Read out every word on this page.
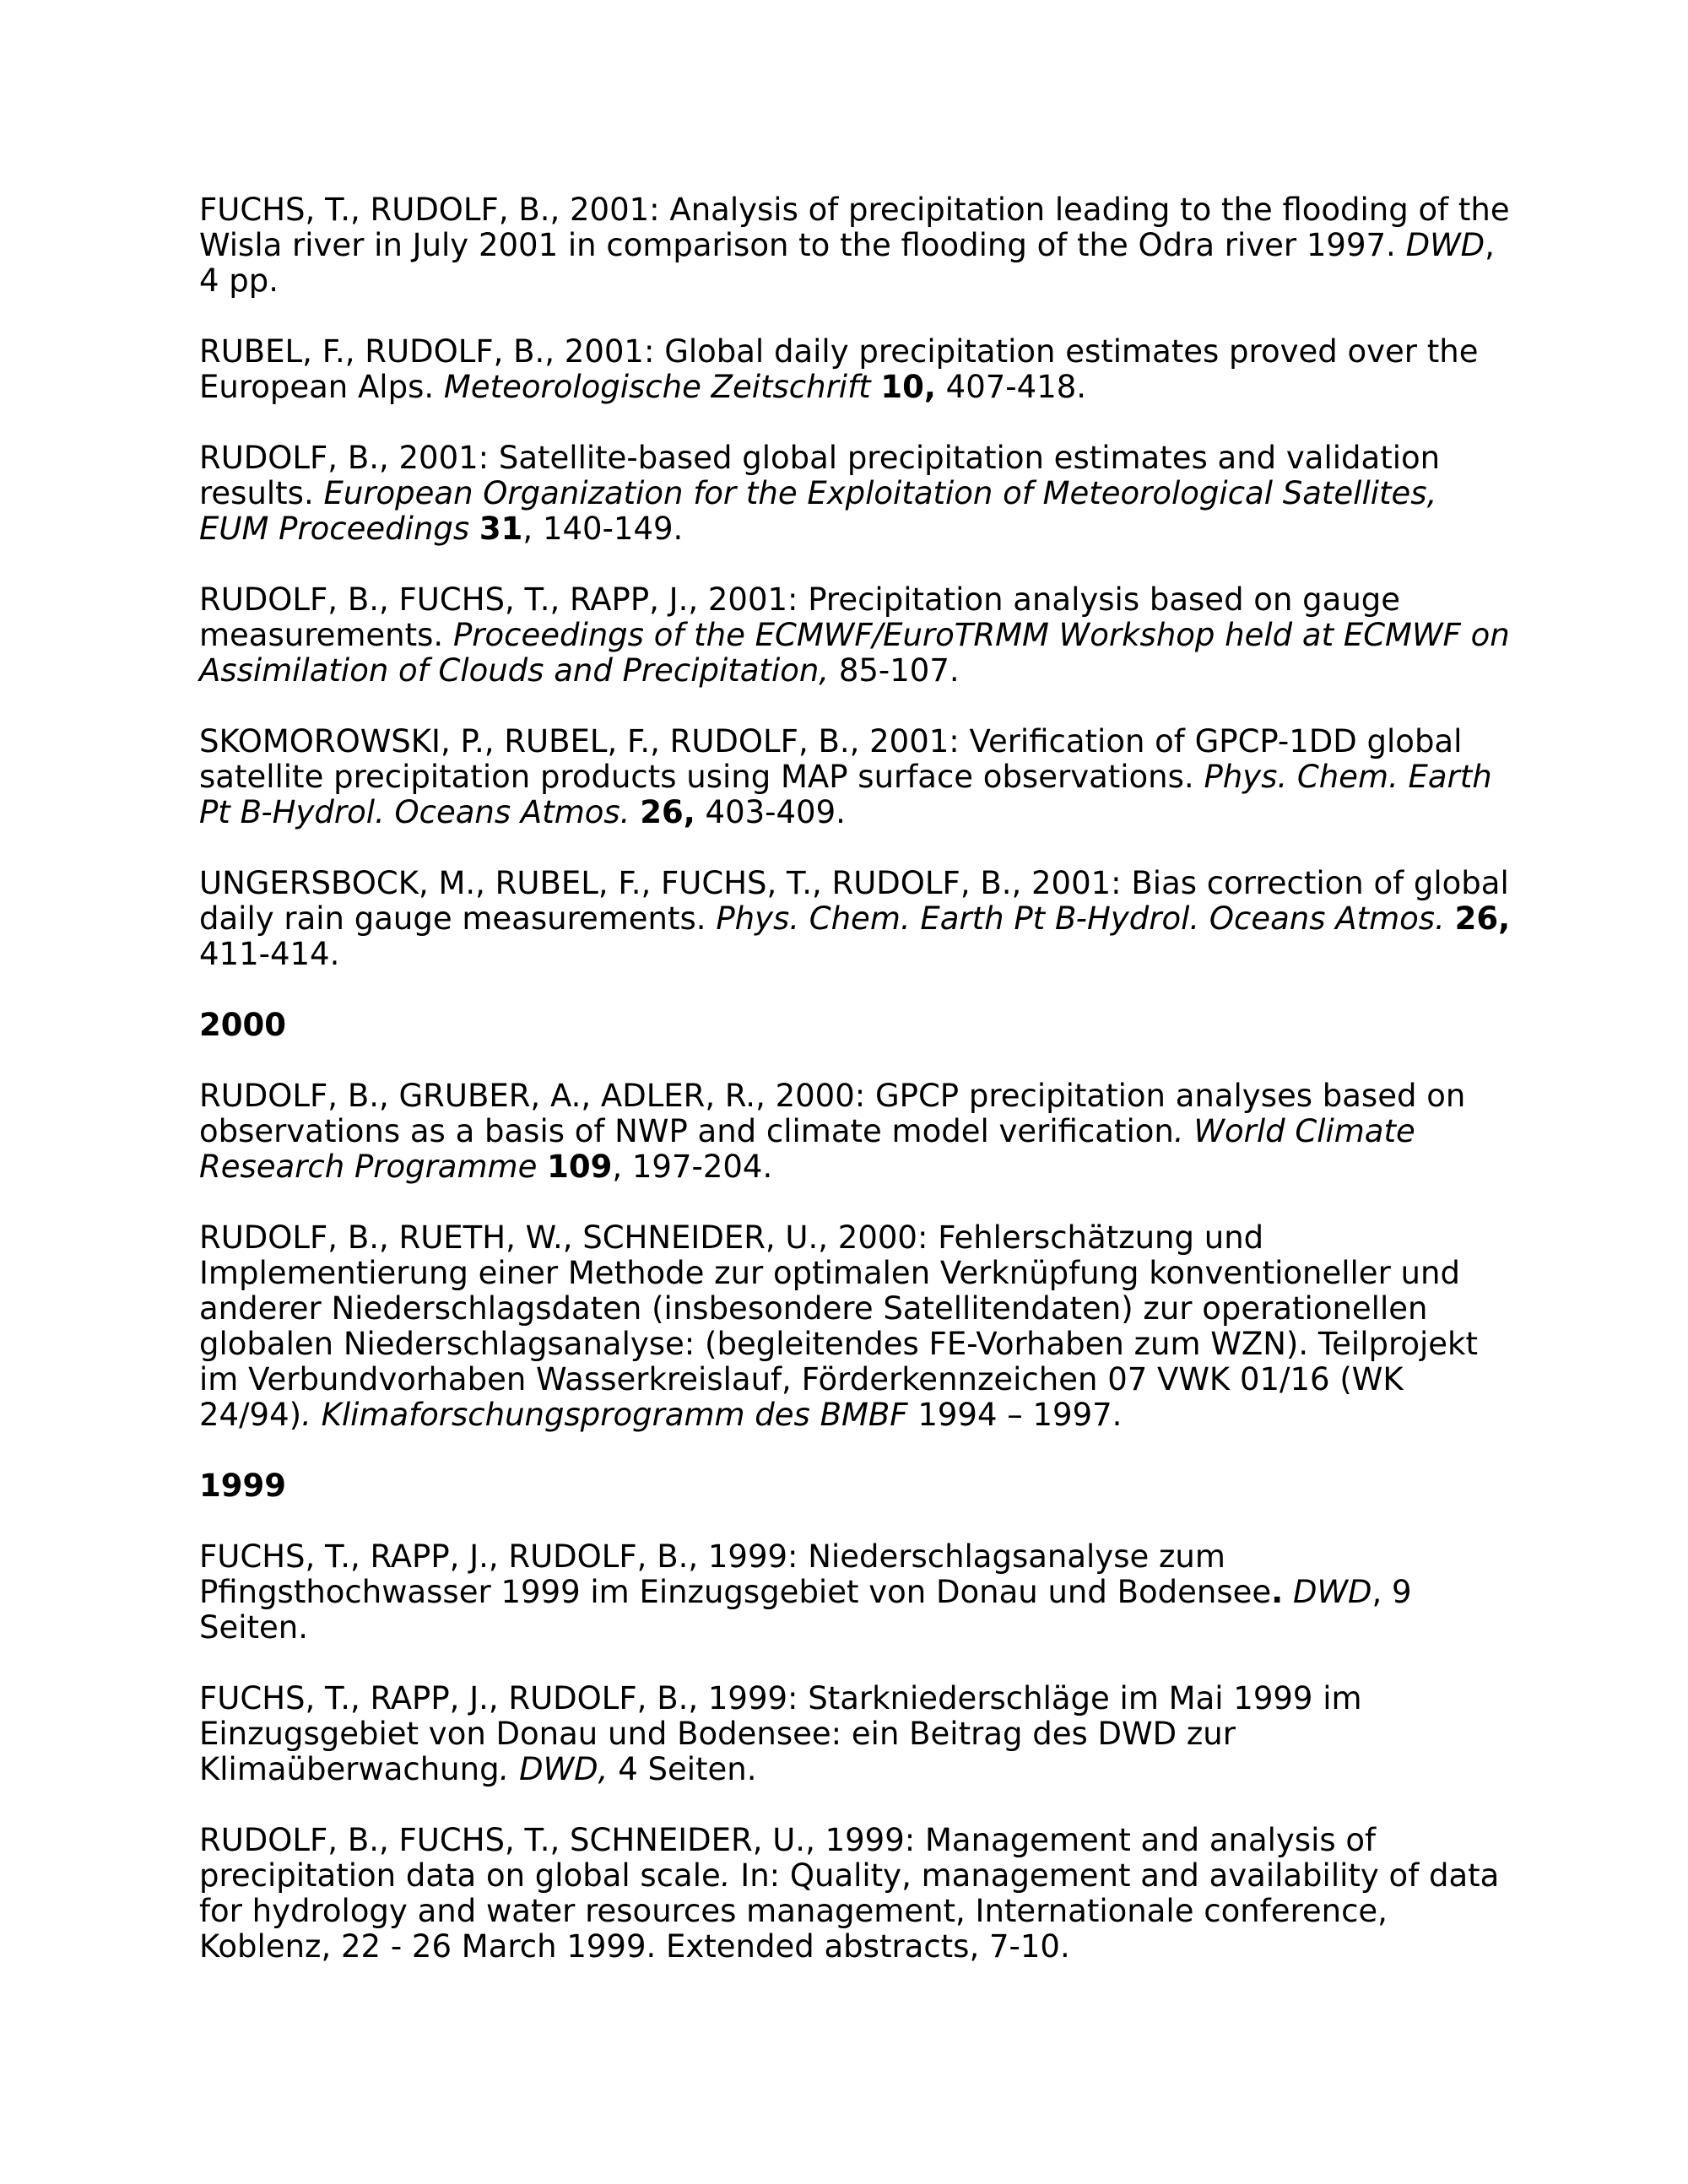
FUCHS, T., RUDOLF, B., 2001: Analysis of precipitation leading to the flooding of the Wisla river in July 2001 in comparison to the flooding of the Odra river 1997. DWD, 4 pp.

RUBEL, F., RUDOLF, B., 2001: Global daily precipitation estimates proved over the European Alps. Meteorologische Zeitschrift 10, 407-418.

RUDOLF, B., 2001: Satellite-based global precipitation estimates and validation results. European Organization for the Exploitation of Meteorological Satellites, EUM Proceedings 31, 140-149.

RUDOLF, B., FUCHS, T., RAPP, J., 2001: Precipitation analysis based on gauge measurements. Proceedings of the ECMWF/EuroTRMM Workshop held at ECMWF on Assimilation of Clouds and Precipitation, 85-107.

SKOMOROWSKI, P., RUBEL, F., RUDOLF, B., 2001: Verification of GPCP-1DD global satellite precipitation products using MAP surface observations. Phys. Chem. Earth Pt B-Hydrol. Oceans Atmos. 26, 403-409.

UNGERSBOCK, M., RUBEL, F., FUCHS, T., RUDOLF, B., 2001: Bias correction of global daily rain gauge measurements. Phys. Chem. Earth Pt B-Hydrol. Oceans Atmos. 26, 411-414.

2000

RUDOLF, B., GRUBER, A., ADLER, R., 2000: GPCP precipitation analyses based on observations as a basis of NWP and climate model verification. World Climate Research Programme 109, 197-204.

RUDOLF, B., RUETH, W., SCHNEIDER, U., 2000: Fehlerschätzung und Implementierung einer Methode zur optimalen Verknüpfung konventioneller und anderer Niederschlagsdaten (insbesondere Satellitendaten) zur operationellen globalen Niederschlagsanalyse: (begleitendes FE-Vorhaben zum WZN). Teilprojekt im Verbundvorhaben Wasserkreislauf, Förderkennzeichen 07 VWK 01/16 (WK 24/94). Klimaforschungsprogramm des BMBF 1994 – 1997.

1999

FUCHS, T., RAPP, J., RUDOLF, B., 1999: Niederschlagsanalyse zum Pfingsthochwasser 1999 im Einzugsgebiet von Donau und Bodensee. DWD, 9 Seiten.

FUCHS, T., RAPP, J., RUDOLF, B., 1999: Starkniederschläge im Mai 1999 im Einzugsgebiet von Donau und Bodensee: ein Beitrag des DWD zur Klimaüberwachung. DWD, 4 Seiten.

RUDOLF, B., FUCHS, T., SCHNEIDER, U., 1999: Management and analysis of precipitation data on global scale. In: Quality, management and availability of data for hydrology and water resources management, Internationale conference, Koblenz, 22 - 26 March 1999. Extended abstracts, 7-10.
